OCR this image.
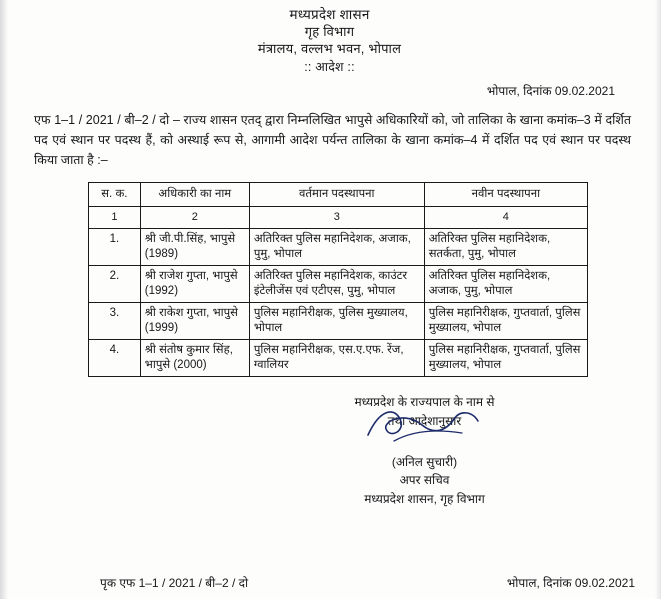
मध्यप्रदेश शासन
गृह विभाग
मंत्रालय, वल्लभ भवन, भोपाल
:: आदेश ::
भोपाल, दिनांक 09.02.2021

एफ 1–1 / 2021 / बी–2 / दो – राज्य शासन एतद् द्वारा निम्नलिखित भापुसे अधिकारियों को, जो तालिका के खाना कमांक–3 में दर्शित पद एवं स्थान पर पदस्थ हैं, को अस्थाई रूप से, आगामी आदेश पर्यन्त तालिका के खाना कमांक–4 में दर्शित पद एवं स्थान पर पदस्थ किया जाता है :–

स. क.	अधिकारी का नाम	वर्तमान पदस्थापना	नवीन पदस्थापना
1	2	3	4
1.	श्री जी.पी.सिंह, भापुसे (1989)	अतिरिक्त पुलिस महानिदेशक, अजाक, पुमु, भोपाल	अतिरिक्त पुलिस महानिदेशक, सतर्कता, पुमु, भोपाल
2.	श्री राजेश गुप्ता, भापुसे (1992)	अतिरिक्त पुलिस महानिदेशक, काउंटर इंटेलीजेंस एवं एटीएस, पुमु, भोपाल	अतिरिक्त पुलिस महानिदेशक, अजाक, पुमु, भोपाल
3.	श्री राकेश गुप्ता, भापुसे (1999)	पुलिस महानिरीक्षक, पुलिस मुख्यालय, भोपाल	पुलिस महानिरीक्षक, गुप्तवार्ता, पुलिस मुख्यालय, भोपाल
4.	श्री संतोष कुमार सिंह, भापुसे (2000)	पुलिस महानिरीक्षक, एस.ए.एफ. रेंज, ग्वालियर	पुलिस महानिरीक्षक, गुप्तवार्ता, पुलिस मुख्यालय, भोपाल
मध्यप्रदेश के राज्यपाल के नाम से
तथा आदेशानुसार
(अनिल सुचारी)
अपर सचिव
मध्यप्रदेश शासन, गृह विभाग
पृक एफ 1–1 / 2021 / बी–2 / दो	भोपाल, दिनांक 09.02.2021
